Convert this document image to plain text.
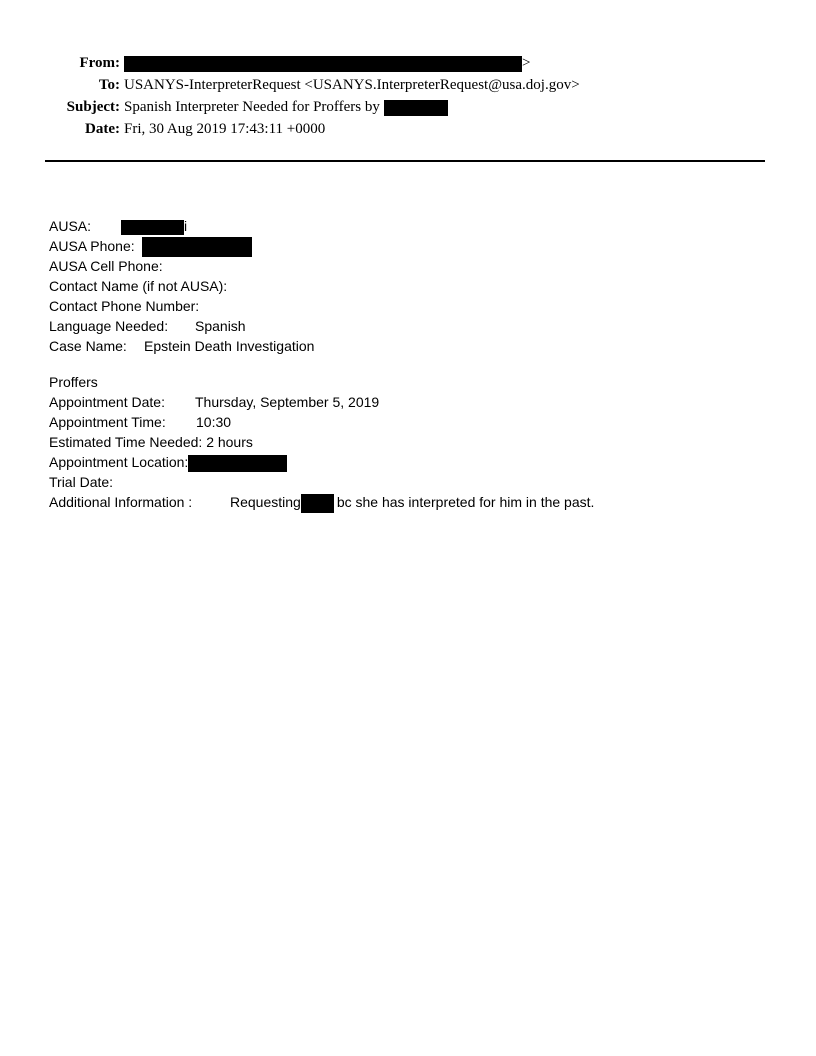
From:	>
To: USANYS-InterpreterRequest <USANYS.InterpreterRequest@usa.doj.gov>
Subject: Spanish Interpreter Needed for Proffers by
Date: Fri, 30 Aug 2019 17:43:11 +0000
AUSA:	i
AUSA Phone:
AUSA Cell Phone:
Contact Name (if not AUSA):
Contact Phone Number:
Language Needed: Spanish
Case Name: Epstein Death Investigation
Proffers
Appointment Date: Thursday, September 5, 2019
Appointment Time: 10:30
Estimated Time Needed: 2 hours
Appointment Location:
Trial Date:
Additional Information :	Requesting	bc she has interpreted for him in the past.
